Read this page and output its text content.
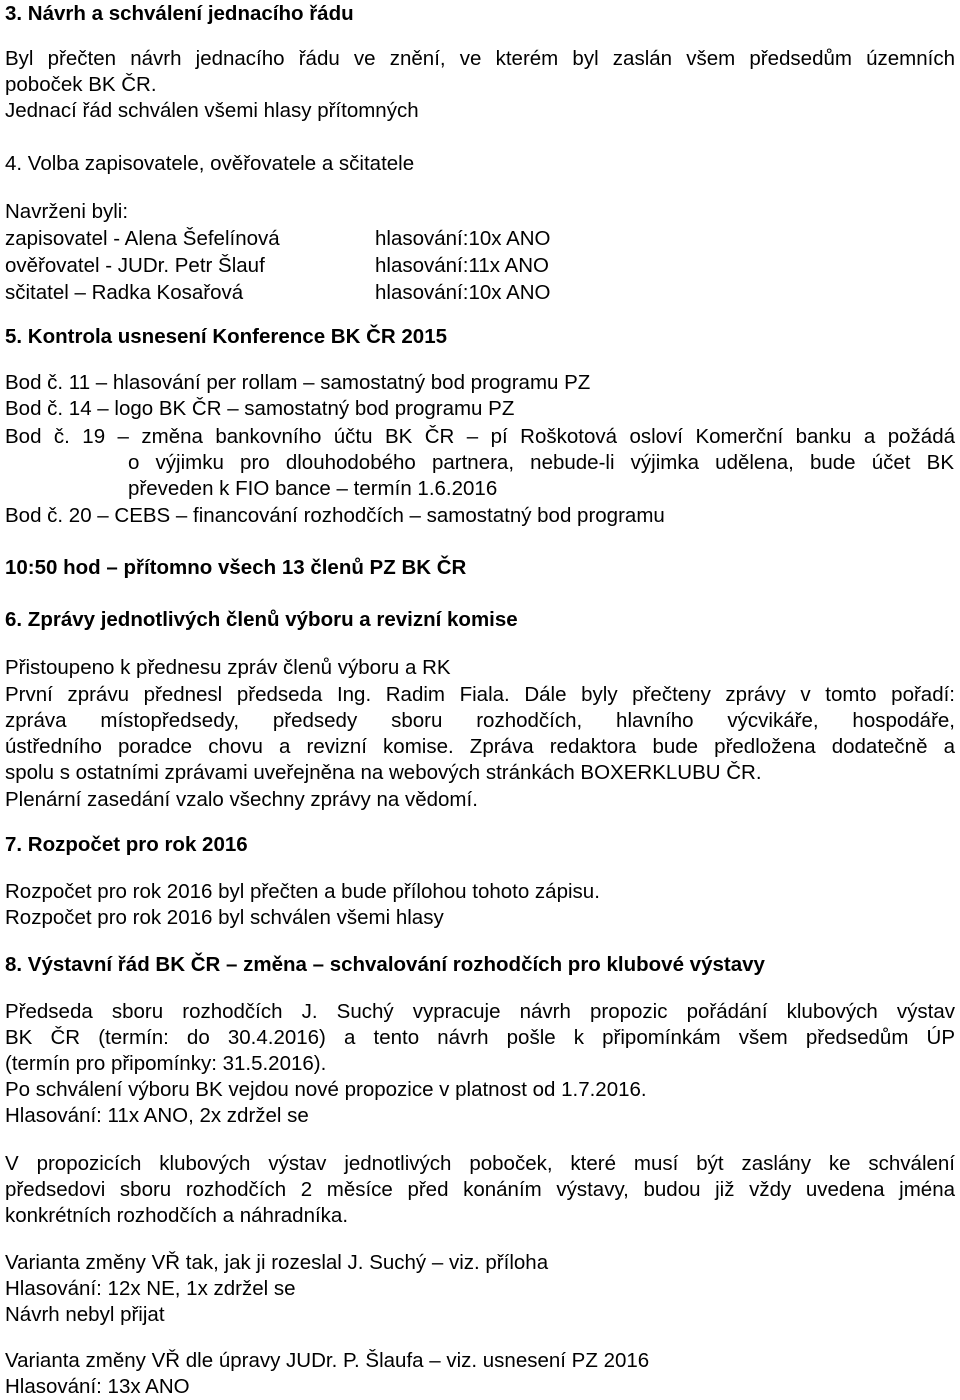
3. Návrh a schválení jednacího řádu
Byl přečten návrh jednacího řádu ve znění, ve kterém byl zaslán všem předsedům územních
poboček BK ČR.
Jednací řád schválen všemi hlasy přítomných
4. Volba zapisovatele, ověřovatele a sčitatele
Navrženi byli:
zapisovatel - Alena Šefelínová	hlasování:10x ANO
ověřovatel - JUDr. Petr Šlauf	hlasování:11x ANO
sčitatel – Radka Kosařová	hlasování:10x ANO
5. Kontrola usnesení Konference BK ČR 2015
Bod č. 11 – hlasování per rollam – samostatný bod programu PZ
Bod č. 14 – logo BK ČR – samostatný bod programu PZ
Bod č. 19 – změna bankovního účtu BK ČR – pí Roškotová osloví Komerční banku a požádá
o výjimku pro dlouhodobého partnera, nebude-li výjimka udělena, bude účet BK
převeden k FIO bance – termín 1.6.2016
Bod č. 20 – CEBS – financování rozhodčích – samostatný bod programu
10:50 hod – přítomno všech 13 členů PZ BK ČR
6. Zprávy jednotlivých členů výboru a revizní komise
Přistoupeno k přednesu zpráv členů výboru a RK
První zprávu přednesl předseda Ing. Radim Fiala. Dále byly přečteny zprávy v tomto pořadí:
zpráva místopředsedy, předsedy sboru rozhodčích, hlavního výcvikáře, hospodáře,
ústředního poradce chovu a revizní komise. Zpráva redaktora bude předložena dodatečně a
spolu s ostatními zprávami uveřejněna na webových stránkách BOXERKLUBU ČR.
Plenární zasedání vzalo všechny zprávy na vědomí.
7. Rozpočet pro rok 2016
Rozpočet pro rok 2016 byl přečten a bude přílohou tohoto zápisu.
Rozpočet pro rok 2016 byl schválen všemi hlasy
8. Výstavní řád BK ČR – změna – schvalování rozhodčích pro klubové výstavy
Předseda sboru rozhodčích J. Suchý vypracuje návrh propozic pořádání klubových výstav
BK ČR (termín: do 30.4.2016) a tento návrh pošle k připomínkám všem předsedům ÚP
(termín pro připomínky: 31.5.2016).
Po schválení výboru BK vejdou nové propozice v platnost od 1.7.2016.
Hlasování: 11x ANO, 2x zdržel se
V propozicích klubových výstav jednotlivých poboček, které musí být zaslány ke schválení
předsedovi sboru rozhodčích 2 měsíce před konáním výstavy, budou již vždy uvedena jména
konkrétních rozhodčích a náhradníka.
Varianta změny VŘ tak, jak ji rozeslal J. Suchý – viz. příloha
Hlasování: 12x NE, 1x zdržel se
Návrh nebyl přijat
Varianta změny VŘ dle úpravy JUDr. P. Šlaufa – viz. usnesení PZ 2016
Hlasování: 13x ANO
